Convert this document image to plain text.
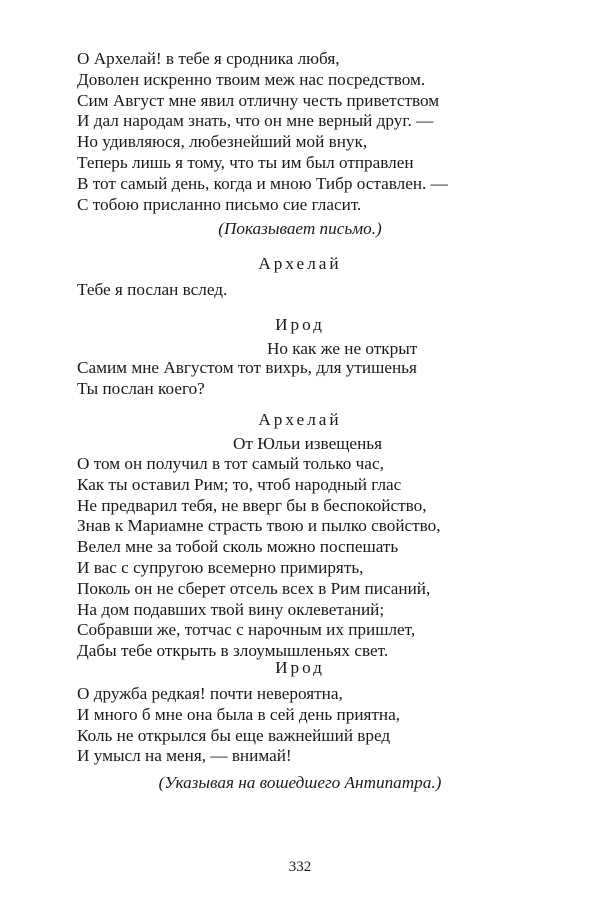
О Архелай! в тебе я сродника любя,
Доволен искренно твоим меж нас посредством.
Сим Август мне явил отличну честь приветством
И дал народам знать, что он мне верный друг. —
Но удивляюся, любезнейший мой внук,
Теперь лишь я тому, что ты им был отправлен
В тот самый день, когда и мною Тибр оставлен. —
С тобою присланно письмо сие гласит.
(Показывает письмо.)
Архелай
Тебе я послан вслед.
Ирод
Но как же не открыт
Самим мне Августом тот вихрь, для утишенья
Ты послан коего?
Архелай
От Юльи извещенья
О том он получил в тот самый только час,
Как ты оставил Рим; то, чтоб народный глас
Не предварил тебя, не вверг бы в беспокойство,
Знав к Мариамне страсть твою и пылко свойство,
Велел мне за тобой сколь можно поспешать
И вас с супругою всемерно примирять,
Поколь он не сберет отсель всех в Рим писаний,
На дом подавших твой вину оклеветаний;
Собравши же, тотчас с нарочным их пришлет,
Дабы тебе открыть в злоумышленьях свет.
Ирод
О дружба редкая! почти невероятна,
И много б мне она была в сей день приятна,
Коль не открылся бы еще важнейший вред
И умысл на меня, — внимай!
(Указывая на вошедшего Антипатра.)
332
